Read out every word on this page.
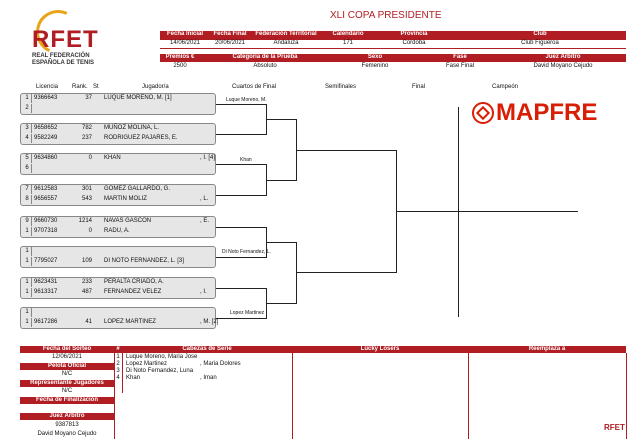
RFET
REAL FEDERACIÓN
ESPAÑOLA DE TENIS
XLI COPA PRESIDENTE
Fecha Inicial	Fecha Final	Federación Territorial	Calendario	Provincia	Club
14/06/2021	20/06/2021	Andaluza	171	Cordoba	Club Figueroa
Premios €	Categoría de la Prueba	Sexo	Fase	Juez Árbitro
2500	Absoluto	Femenino	Fase Final	David Moyano Cejudo
Licencia Rank. St	Jugador/a	Cuartos de Final	Semifinales	Final	Campeón
MAPFRE
1 9366643	37 LUQUE MORENO, M. [1]
2
3 9658652	782 MUÑOZ MOLINA, L.
4 9582249	237 RODRIGUEZ PAJARES, E.
5 9634860	0 KHAN	, I. [4]
6
7 9612583	301 GOMEZ GALLARDO, G.
8 9656557	543 MARTIN MOLIZ	, L.
9 9660730	1214 NAVAS GASCON	, E.
1 9707318	0 RADU, A.
1
1 7795027	109 DI NOTO FERNANDEZ, L. [3]
1 9623431	233 PERALTA CRIADO, A.
1 9613317	487 FERNANDEZ VELEZ	, I.
1
1 9617286	41 LOPEZ MARTINEZ	, M. [2]
Luque Moreno, M.
Khan
Di Noto Fernandez, L.
Lopez Martinez
Fecha del Sorteo	#	Cabezas de Serie	Lucky Losers	Reemplaza a
12/06/2021
Pelota Oficial
N/C
Representante Jugadores
N/C
Fecha de Finalización
Juez Árbitro
9387813
David Moyano Cejudo
1	Luque Moreno, Maria Jose
2	Lopez Martinez	, Maria Dolores
3	Di Noto Fernandez, Luna
4	Khan	, Iman
RFET
